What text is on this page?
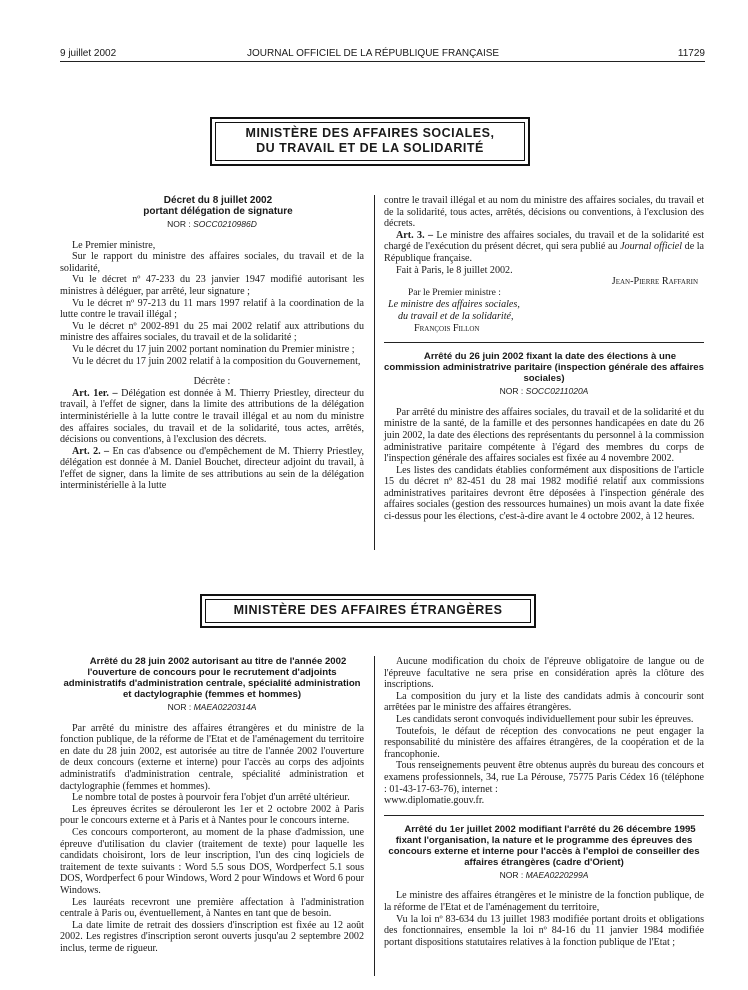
9 juillet 2002	JOURNAL OFFICIEL DE LA RÉPUBLIQUE FRANÇAISE	11729
MINISTÈRE DES AFFAIRES SOCIALES,
DU TRAVAIL ET DE LA SOLIDARITÉ

Décret du 8 juillet 2002

portant délégation de signature

NOR : SOCC0210986D

Le Premier ministre,

Sur le rapport du ministre des affaires sociales, du travail et de la solidarité,

Vu le décret nº 47-233 du 23 janvier 1947 modifié autorisant les ministres à déléguer, par arrêté, leur signature ;

Vu le décret nº 97-213 du 11 mars 1997 relatif à la coordination de la lutte contre le travail illégal ;

Vu le décret nº 2002-891 du 25 mai 2002 relatif aux attributions du ministre des affaires sociales, du travail et de la solidarité ;

Vu le décret du 17 juin 2002 portant nomination du Premier ministre ;

Vu le décret du 17 juin 2002 relatif à la composition du Gouvernement,

Décrète :

Art. 1er. – Délégation est donnée à M. Thierry Priestley, directeur du travail, à l'effet de signer, dans la limite des attributions de la délégation interministérielle à la lutte contre le travail illégal et au nom du ministre des affaires sociales, du travail et de la solidarité, tous actes, arrêtés, décisions ou conventions, à l'exclusion des décrets.

Art. 2. – En cas d'absence ou d'empêchement de M. Thierry Priestley, délégation est donnée à M. Daniel Bouchet, directeur adjoint du travail, à l'effet de signer, dans la limite de ses attributions au sein de la délégation interministérielle à la lutte

contre le travail illégal et au nom du ministre des affaires sociales, du travail et de la solidarité, tous actes, arrêtés, décisions ou conventions, à l'exclusion des décrets.

Art. 3. – Le ministre des affaires sociales, du travail et de la solidarité est chargé de l'exécution du présent décret, qui sera publié au Journal officiel de la République française.

Fait à Paris, le 8 juillet 2002.

Jean-Pierre Raffarin
Par le Premier ministre :
Le ministre des affaires sociales,
du travail et de la solidarité,
François Fillon

Arrêté du 26 juin 2002 fixant la date des élections à une commission administratrive paritaire (inspection générale des affaires sociales)

NOR : SOCC0211020A

Par arrêté du ministre des affaires sociales, du travail et de la solidarité et du ministre de la santé, de la famille et des personnes handicapées en date du 26 juin 2002, la date des élections des représentants du personnel à la commission administrative paritaire compétente à l'égard des membres du corps de l'inspection générale des affaires sociales est fixée au 4 novembre 2002.

Les listes des candidats établies conformément aux dispositions de l'article 15 du décret nº 82-451 du 28 mai 1982 modifié relatif aux commissions administratives paritaires devront être déposées à l'inspection générale des affaires sociales (gestion des ressources humaines) un mois avant la date fixée ci-dessus pour les élections, c'est-à-dire avant le 4 octobre 2002, à 12 heures.

MINISTÈRE DES AFFAIRES ÉTRANGÈRES

Arrêté du 28 juin 2002 autorisant au titre de l'année 2002 l'ouverture de concours pour le recrutement d'adjoints administratifs d'administration centrale, spécialité administration et dactylographie (femmes et hommes)

NOR : MAEA0220314A

Par arrêté du ministre des affaires étrangères et du ministre de la fonction publique, de la réforme de l'Etat et de l'aménagement du territoire en date du 28 juin 2002, est autorisée au titre de l'année 2002 l'ouverture de deux concours (externe et interne) pour l'accès au corps des adjoints administratifs d'administration centrale, spécialité administration et dactylographie (femmes et hommes).

Le nombre total de postes à pourvoir fera l'objet d'un arrêté ultérieur.

Les épreuves écrites se dérouleront les 1er et 2 octobre 2002 à Paris pour le concours externe et à Paris et à Nantes pour le concours interne.

Ces concours comporteront, au moment de la phase d'admission, une épreuve d'utilisation du clavier (traitement de texte) pour laquelle les candidats choisiront, lors de leur inscription, l'un des cinq logiciels de traitement de texte suivants : Word 5.5 sous DOS, Wordperfect 5.1 sous DOS, Wordperfect 6 pour Windows, Word 2 pour Windows et Word 6 pour Windows.

Les lauréats recevront une première affectation à l'administration centrale à Paris ou, éventuellement, à Nantes en tant que de besoin.

La date limite de retrait des dossiers d'inscription est fixée au 12 août 2002. Les registres d'inscription seront ouverts jusqu'au 2 septembre 2002 inclus, terme de rigueur.

Aucune modification du choix de l'épreuve obligatoire de langue ou de l'épreuve facultative ne sera prise en considération après la clôture des inscriptions.

La composition du jury et la liste des candidats admis à concourir sont arrêtées par le ministre des affaires étrangères.

Les candidats seront convoqués individuellement pour subir les épreuves.

Toutefois, le défaut de réception des convocations ne peut engager la responsabilité du ministère des affaires étrangères, de la coopération et de la francophonie.

Tous renseignements peuvent être obtenus auprès du bureau des concours et examens professionnels, 34, rue La Pérouse, 75775 Paris Cédex 16 (téléphone : 01-43-17-63-76), internet :

www.diplomatie.gouv.fr.

Arrêté du 1er juillet 2002 modifiant l'arrêté du 26 décembre 1995 fixant l'organisation, la nature et le programme des épreuves des concours externe et interne pour l'accès à l'emploi de conseiller des affaires étrangères (cadre d'Orient)

NOR : MAEA0220299A

Le ministre des affaires étrangères et le ministre de la fonction publique, de la réforme de l'Etat et de l'aménagement du territoire,

Vu la loi nº 83-634 du 13 juillet 1983 modifiée portant droits et obligations des fonctionnaires, ensemble la loi nº 84-16 du 11 janvier 1984 modifiée portant dispositions statutaires relatives à la fonction publique de l'Etat ;
